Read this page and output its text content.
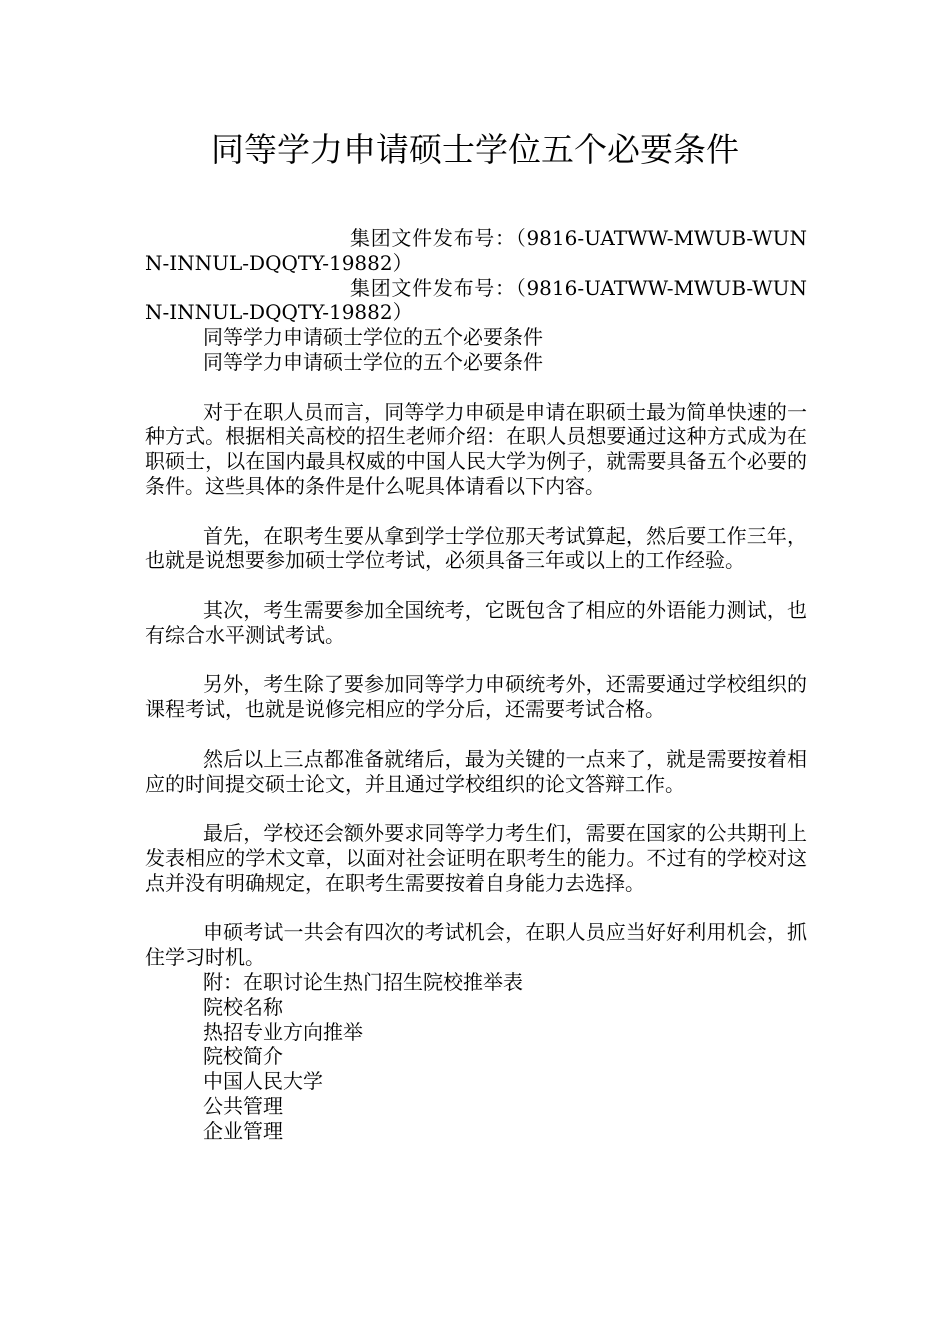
同等学力申请硕士学位五个必要条件

集团文件发布号：（9816-UATWW-MWUB-WUNN-INNUL-DQQTY-19882）

集团文件发布号：（9816-UATWW-MWUB-WUNN-INNUL-DQQTY-19882）

同等学力申请硕士学位的五个必要条件

同等学力申请硕士学位的五个必要条件

对于在职人员而言，同等学力申硕是申请在职硕士最为简单快速的一种方式。根据相关高校的招生老师介绍：在职人员想要通过这种方式成为在职硕士，以在国内最具权威的中国人民大学为例子，就需要具备五个必要的条件。这些具体的条件是什么呢具体请看以下内容。

首先，在职考生要从拿到学士学位那天考试算起，然后要工作三年，也就是说想要参加硕士学位考试，必须具备三年或以上的工作经验。

其次，考生需要参加全国统考，它既包含了相应的外语能力测试，也有综合水平测试考试。

另外，考生除了要参加同等学力申硕统考外，还需要通过学校组织的课程考试，也就是说修完相应的学分后，还需要考试合格。

然后以上三点都准备就绪后，最为关键的一点来了，就是需要按着相应的时间提交硕士论文，并且通过学校组织的论文答辩工作。

最后，学校还会额外要求同等学力考生们，需要在国家的公共期刊上发表相应的学术文章，以面对社会证明在职考生的能力。不过有的学校对这点并没有明确规定，在职考生需要按着自身能力去选择。

申硕考试一共会有四次的考试机会，在职人员应当好好利用机会，抓住学习时机。

附：在职讨论生热门招生院校推举表

院校名称

热招专业方向推举

院校简介

中国人民大学

公共管理

企业管理
